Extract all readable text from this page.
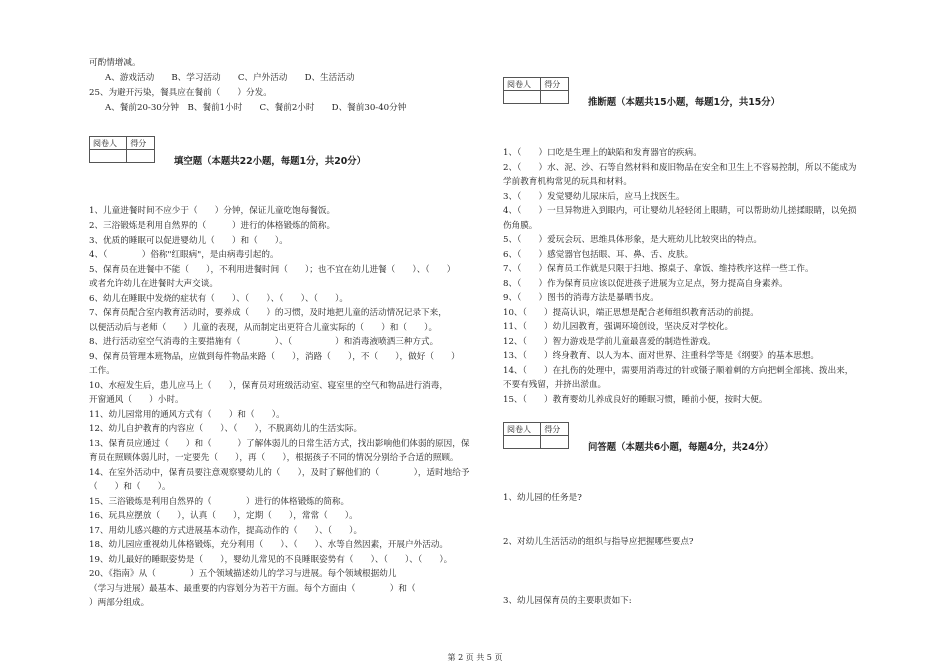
可酌情增减。
A、游戏活动　　B、学习活动　　C、户外活动　　D、生活活动
25、为避开污染，餐具应在餐前（　　）分发。
A、餐前20-30分钟　B、餐前1小时　　C、餐前2小时　　D、餐前30-40分钟
阅卷人	得分

填空题（本题共22小题，每题1分，共20分）
1、儿童进餐时间不应少于（　　）分钟，保证儿童吃饱每餐饭。
2、三浴锻炼是利用自然界的（　　　）进行的体格锻炼的简称。
3、优质的睡眠可以促进婴幼儿（　　）和（　　）。
4、（　　　　）俗称"红眼病"，是由病毒引起的。
5、保育员在进餐中不能（　　），不利用进餐时间（　　）；也不宜在幼儿进餐（　　）、（　　）
或者允许幼儿在进餐时大声交谈。
6、幼儿在睡眠中发烧的症状有（　　）、（　　）、（　　）、（　　）。
7、保育员配合室内教育活动时，要养成（　　）的习惯，及时地把儿童的活动情况记录下来，
以便活动后与老师（　　）儿童的表现，从而制定出更符合儿童实际的（　　）和（　　）。
8、进行活动室空气消毒的主要措施有（　　　　）、（　　　　　）和消毒液喷洒三种方式。
9、保育员管理本班物品，应做到每件物品来路（　　），消路（　　），不（　　），做好（　　）
工作。
10、水痘发生后，患儿应马上（　　），保育员对班级活动室、寝室里的空气和物品进行消毒，
开窗通风（　　）小时。
11、幼儿园常用的通风方式有（　　）和（　　）。
12、幼儿自护教育的内容应（　　）、（　　），不脱离幼儿的生活实际。
13、保育员应通过（　　）和（　　　）了解体弱儿的日常生活方式，找出影响他们体弱的原因，保
育员在照顾体弱儿时，一定要先（　　），再（　　），根据孩子不同的情况分别给予合适的照顾。
14、在室外活动中，保育员要注意观察婴幼儿的（　　），及时了解他们的（　　　　），适时地给予
（　　）和（　　）。
15、三浴锻炼是利用自然界的（　　　　）进行的体格锻炼的简称。
16、玩具应摆放（　　），认真（　　），定期（　　），常常（　　）。
17、用幼儿感兴趣的方式进展基本动作，提高动作的（　　）、（　　）。
18、幼儿园应重视幼儿体格锻炼，充分利用（　　）、（　　）、水等自然因素，开展户外活动。
19、幼儿最好的睡眠姿势是（　　），婴幼儿常见的不良睡眠姿势有（　　）、（　　）、（　　）。
20、《指南》从（　　　　）五个领域描述幼儿的学习与进展。每个领域根据幼儿
（学习与进展）最基本、最重要的内容划分为若干方面。每个方面由（　　　　）和（
）两部分组成。
阅卷人	得分

推断题（本题共15小题，每题1分，共15分）
1、（　　）口吃是生理上的缺陷和发育器官的疾病。
2、（　　）水、泥、沙、石等自然材料和废旧物品在安全和卫生上不容易控制，所以不能成为
学前教育机构常见的玩具和材料。
3、（　　）发觉婴幼儿尿床后，应马上找医生。
4、（　　）一旦异物进入到眼内，可让婴幼儿轻轻闭上眼睛，可以帮助幼儿搓揉眼睛，以免损
伤角膜。
5、（　　）爱玩会玩、思维具体形象，是大班幼儿比较突出的特点。
6、（　　）感觉器官包括眼、耳、鼻、舌、皮肤。
7、（　　）保育员工作就是只限于扫地、擦桌子、拿饭、维持秩序这样一些工作。
8、（　　）作为保育员应该以促进孩子进展为立足点，努力提高自身素养。
9、（　　）图书的消毒方法是暴晒书皮。
10、（　　）提高认识，端正思想是配合老师组织教育活动的前提。
11、（　　）幼儿园教育，强调环境创设，坚决反对学校化。
12、（　　）智力游戏是学前儿童最喜爱的制造性游戏。
13、（　　）终身教育、以人为本、面对世界、注重科学等是《纲要》的基本思想。
14、（　　）在扎伤的处理中，需要用消毒过的针或镊子顺着刺的方向把刺全部挑、拨出来，
不要有残留，并挤出淤血。
15、（　　）教育婴幼儿养成良好的睡眠习惯，睡前小便，按时大便。
阅卷人	得分

问答题（本题共6小题，每题4分，共24分）
1、幼儿园的任务是?
2、对幼儿生活活动的组织与指导应把握哪些要点?
3、幼儿园保育员的主要职责如下:
第 2 页 共 5 页
